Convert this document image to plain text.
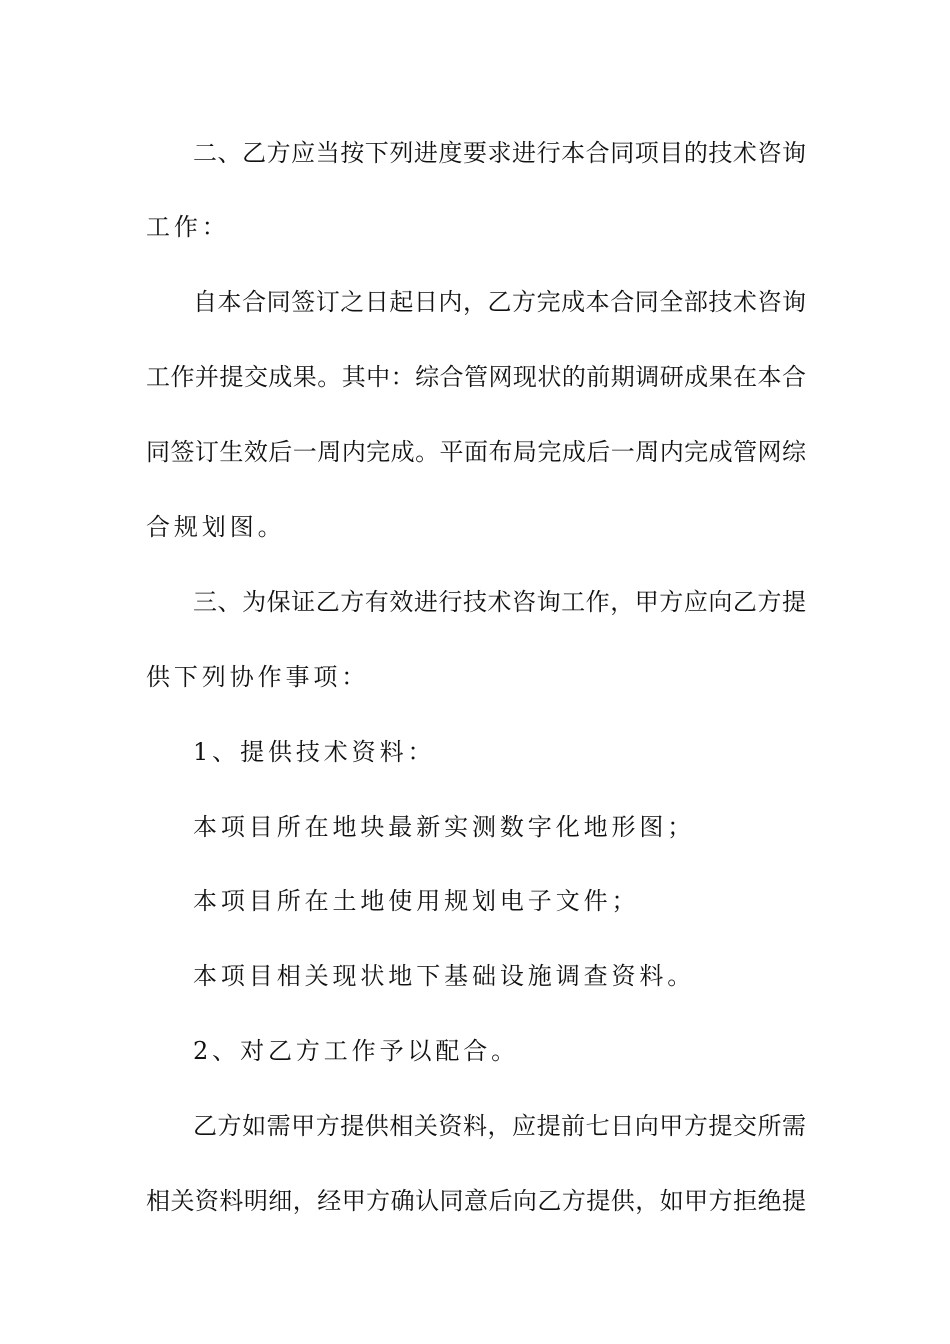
二、乙方应当按下列进度要求进行本合同项目的技术咨询
工作：
自本合同签订之日起日内，乙方完成本合同全部技术咨询
工作并提交成果。其中：综合管网现状的前期调研成果在本合
同签订生效后一周内完成。平面布局完成后一周内完成管网综
合规划图。
三、为保证乙方有效进行技术咨询工作，甲方应向乙方提
供下列协作事项：
1、提供技术资料：
本项目所在地块最新实测数字化地形图；
本项目所在土地使用规划电子文件；
本项目相关现状地下基础设施调查资料。
2、对乙方工作予以配合。
乙方如需甲方提供相关资料，应提前七日向甲方提交所需
相关资料明细，经甲方确认同意后向乙方提供，如甲方拒绝提
